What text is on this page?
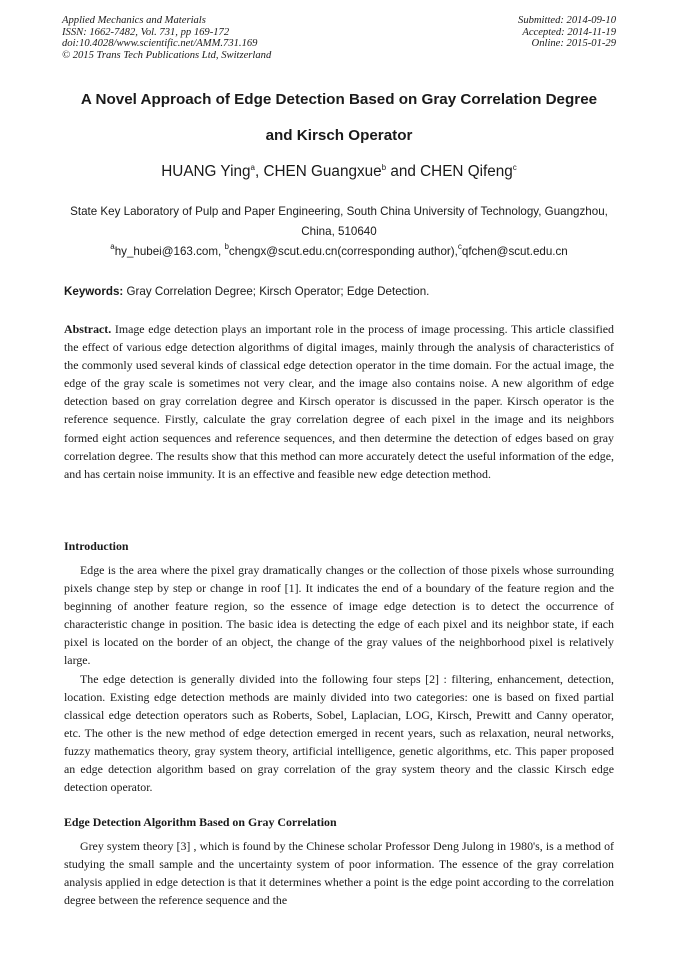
Applied Mechanics and Materials
ISSN: 1662-7482, Vol. 731, pp 169-172
doi:10.4028/www.scientific.net/AMM.731.169
© 2015 Trans Tech Publications Ltd, Switzerland
Submitted: 2014-09-10
Accepted: 2014-11-19
Online: 2015-01-29
A Novel Approach of Edge Detection Based on Gray Correlation Degree
and Kirsch Operator
HUANG Ying$^a$, CHEN Guangxue$^b$ and CHEN Qifeng$^c$
State Key Laboratory of Pulp and Paper Engineering, South China University of Technology, Guangzhou, China, 510640
$^a$hy_hubei@163.com, $^b$chengx@scut.edu.cn(corresponding author),$^c$qfchen@scut.edu.cn
Keywords: Gray Correlation Degree; Kirsch Operator; Edge Detection.

Abstract. Image edge detection plays an important role in the process of image processing. This article classified the effect of various edge detection algorithms of digital images, mainly through the analysis of characteristics of the commonly used several kinds of classical edge detection operator in the time domain. For the actual image, the edge of the gray scale is sometimes not very clear, and the image also contains noise. A new algorithm of edge detection based on gray correlation degree and Kirsch operator is discussed in the paper. Kirsch operator is the reference sequence. Firstly, calculate the gray correlation degree of each pixel in the image and its neighbors formed eight action sequences and reference sequences, and then determine the detection of edges based on gray correlation degree. The results show that this method can more accurately detect the useful information of the edge, and has certain noise immunity. It is an effective and feasible new edge detection method.

Introduction

Edge is the area where the pixel gray dramatically changes or the collection of those pixels whose surrounding pixels change step by step or change in roof [1]. It indicates the end of a boundary of the feature region and the beginning of another feature region, so the essence of image edge detection is to detect the occurrence of characteristic change in position. The basic idea is detecting the edge of each pixel and its neighbor state, if each pixel is located on the border of an object, the change of the gray values of the neighborhood pixel is relatively large.

The edge detection is generally divided into the following four steps [2] : filtering, enhancement, detection, location. Existing edge detection methods are mainly divided into two categories: one is based on fixed partial classical edge detection operators such as Roberts, Sobel, Laplacian, LOG, Kirsch, Prewitt and Canny operator, etc. The other is the new method of edge detection emerged in recent years, such as relaxation, neural networks, fuzzy mathematics theory, gray system theory, artificial intelligence, genetic algorithms, etc. This paper proposed an edge detection algorithm based on gray correlation of the gray system theory and the classic Kirsch edge detection operator.

Edge Detection Algorithm Based on Gray Correlation

Grey system theory [3] , which is found by the Chinese scholar Professor Deng Julong in 1980's, is a method of studying the small sample and the uncertainty system of poor information. The essence of the gray correlation analysis applied in edge detection is that it determines whether a point is the edge point according to the correlation degree between the reference sequence and the
